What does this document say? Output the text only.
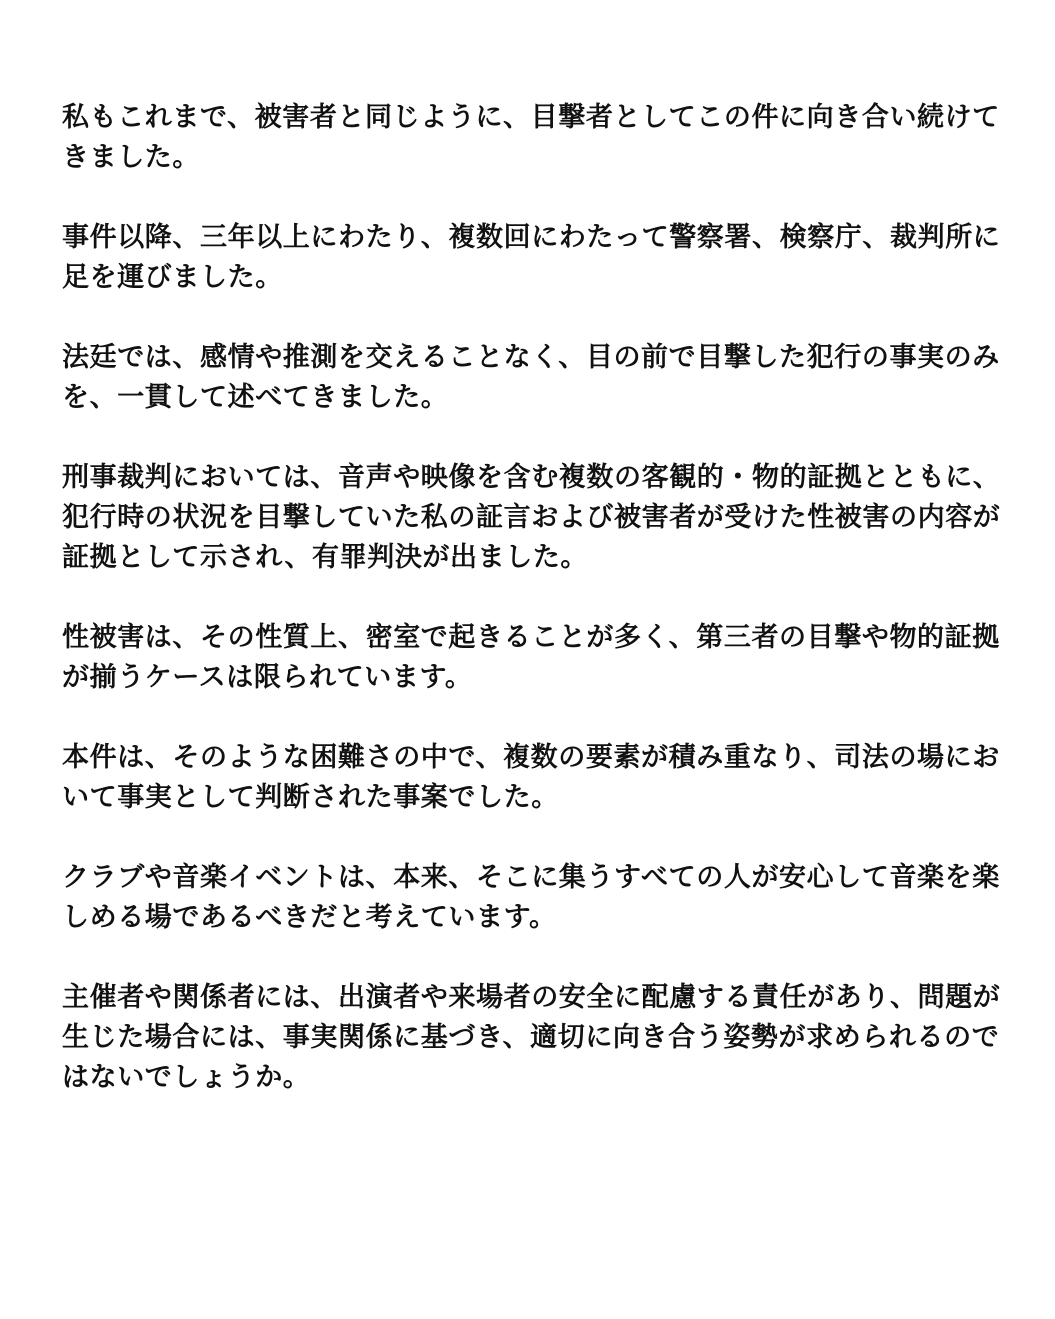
私もこれまで、被害者と同じように、目撃者としてこの件に向き合い続けて
きました。

事件以降、三年以上にわたり、複数回にわたって警察署、検察庁、裁判所に
足を運びました。

法廷では、感情や推測を交えることなく、目の前で目撃した犯行の事実のみ
を、一貫して述べてきました。

刑事裁判においては、音声や映像を含む複数の客観的・物的証拠とともに、
犯行時の状況を目撃していた私の証言および被害者が受けた性被害の内容が
証拠として示され、有罪判決が出ました。

性被害は、その性質上、密室で起きることが多く、第三者の目撃や物的証拠
が揃うケースは限られています。

本件は、そのような困難さの中で、複数の要素が積み重なり、司法の場にお
いて事実として判断された事案でした。

クラブや音楽イベントは、本来、そこに集うすべての人が安心して音楽を楽
しめる場であるべきだと考えています。

主催者や関係者には、出演者や来場者の安全に配慮する責任があり、問題が
生じた場合には、事実関係に基づき、適切に向き合う姿勢が求められるので
はないでしょうか。
